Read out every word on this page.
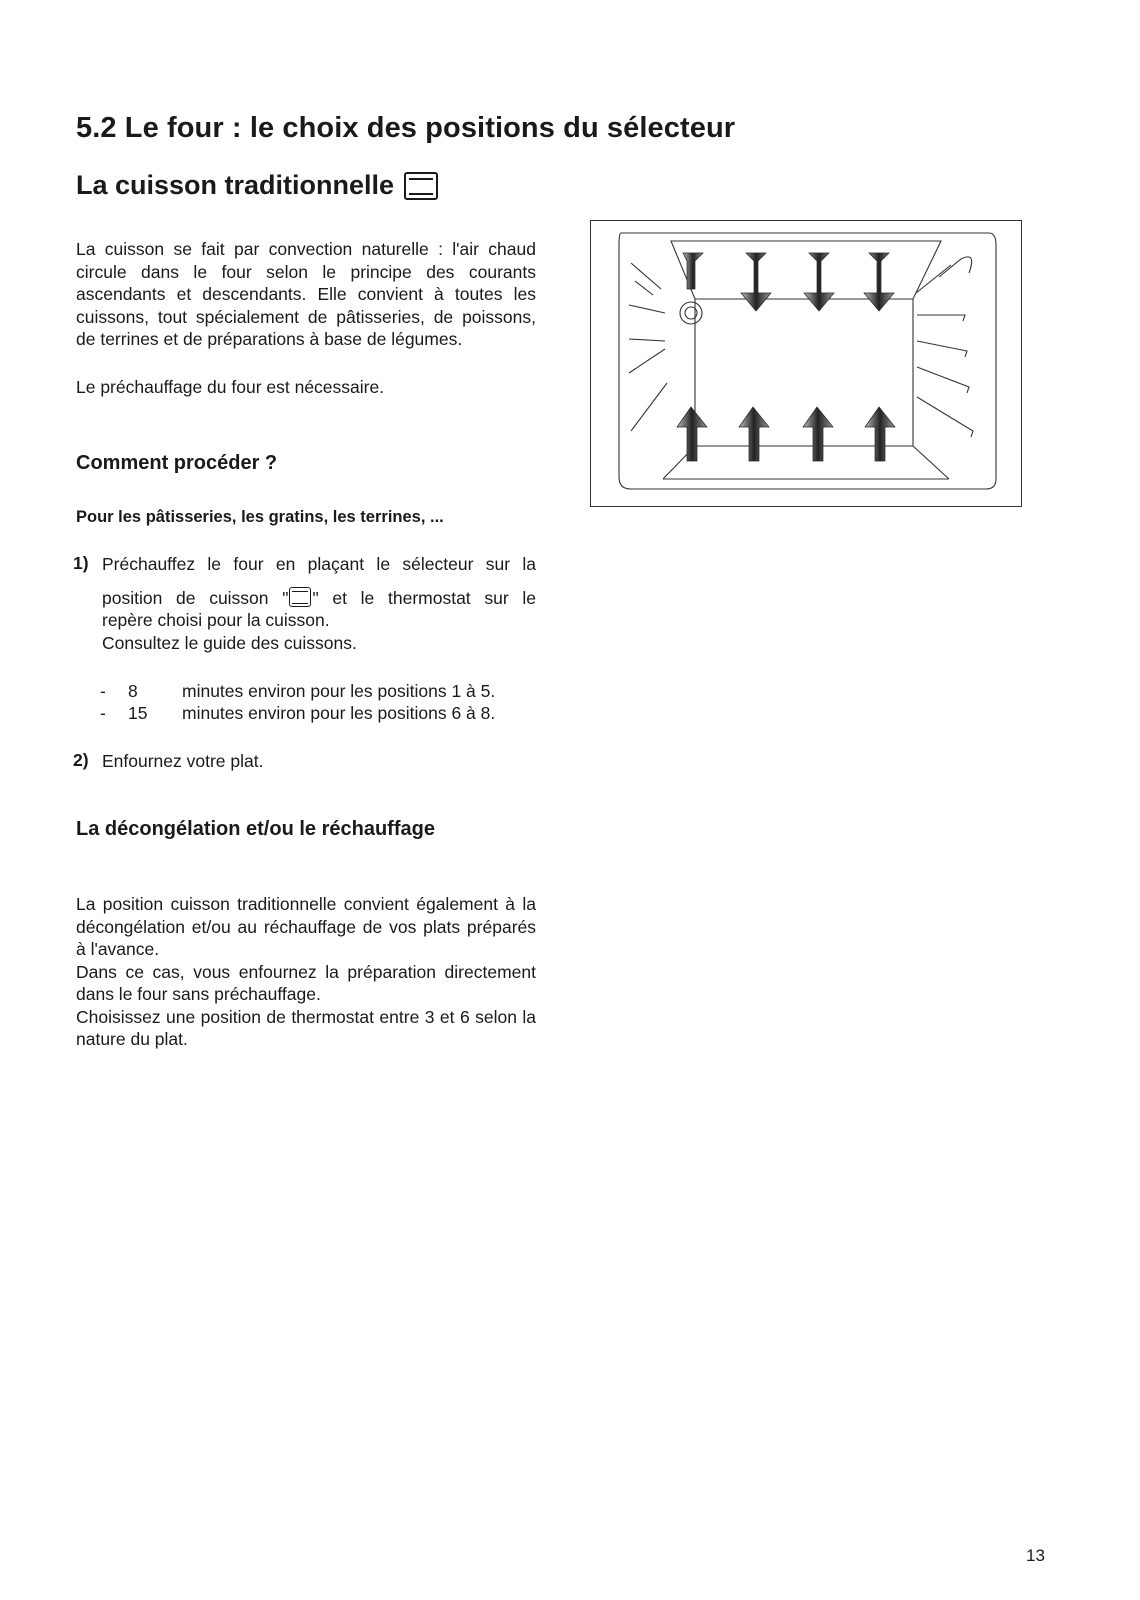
5.2 Le four : le choix des positions du sélecteur
La cuisson traditionnelle

La cuisson se fait par convection naturelle : l'air chaud circule dans le four selon le principe des courants ascendants et descendants. Elle convient à toutes les cuissons, tout spécialement de pâtisseries, de poissons, de terrines et de préparations à base de légumes.

Le préchauffage du four est nécessaire.

Comment procéder ?
Pour les pâtisseries, les gratins, les terrines, ...
1) Préchauffez le four en plaçant le sélecteur sur la
position de cuisson " " et le thermostat sur le
repère choisi pour la cuisson.
Consultez le guide des cuissons.
- 8	minutes environ pour les positions 1 à 5.
- 15 minutes environ pour les positions 6 à 8.
2) Enfournez votre plat.
La décongélation et/ou le réchauffage
La position cuisson traditionnelle convient également à la décongélation et/ou au réchauffage de vos plats préparés à l'avance.
Dans ce cas, vous enfournez la préparation directement dans le four sans préchauffage.
Choisissez une position de thermostat entre 3 et 6 selon la nature du plat.
13
